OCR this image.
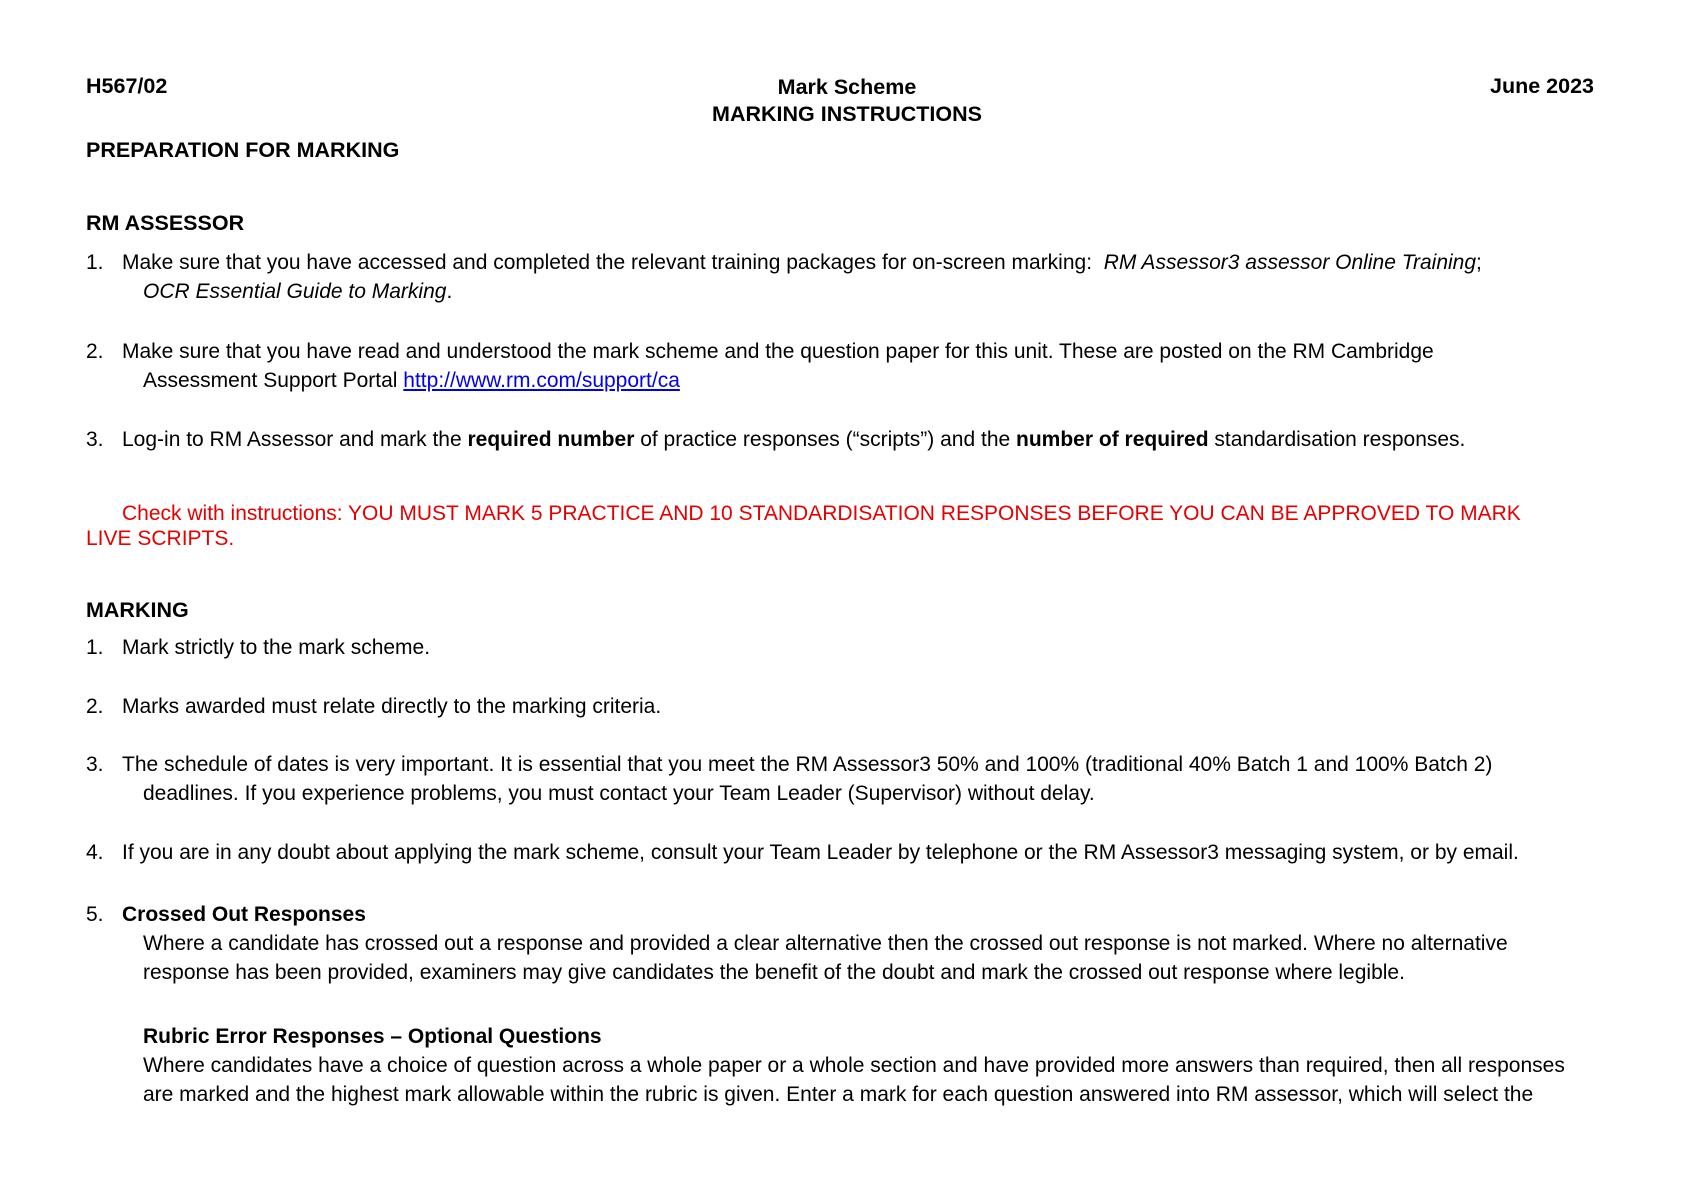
H567/02	Mark Scheme
MARKING INSTRUCTIONS
June 2023
PREPARATION FOR MARKING
RM ASSESSOR
1. Make sure that you have accessed and completed the relevant training packages for on-screen marking:  RM Assessor3 assessor Online Training;
OCR Essential Guide to Marking.
2. Make sure that you have read and understood the mark scheme and the question paper for this unit. These are posted on the RM Cambridge
Assessment Support Portal http://www.rm.com/support/ca
3. Log-in to RM Assessor and mark the required number of practice responses (“scripts”) and the number of required standardisation responses.
Check with instructions: YOU MUST MARK 5 PRACTICE AND 10 STANDARDISATION RESPONSES BEFORE YOU CAN BE APPROVED TO MARK
LIVE SCRIPTS.
MARKING
1. Mark strictly to the mark scheme.
2. Marks awarded must relate directly to the marking criteria.
3. The schedule of dates is very important. It is essential that you meet the RM Assessor3 50% and 100% (traditional 40% Batch 1 and 100% Batch 2)
deadlines. If you experience problems, you must contact your Team Leader (Supervisor) without delay.
4. If you are in any doubt about applying the mark scheme, consult your Team Leader by telephone or the RM Assessor3 messaging system, or by email.
5. Crossed Out Responses
Where a candidate has crossed out a response and provided a clear alternative then the crossed out response is not marked. Where no alternative
response has been provided, examiners may give candidates the benefit of the doubt and mark the crossed out response where legible.
Rubric Error Responses – Optional Questions
Where candidates have a choice of question across a whole paper or a whole section and have provided more answers than required, then all responses
are marked and the highest mark allowable within the rubric is given. Enter a mark for each question answered into RM assessor, which will select the
